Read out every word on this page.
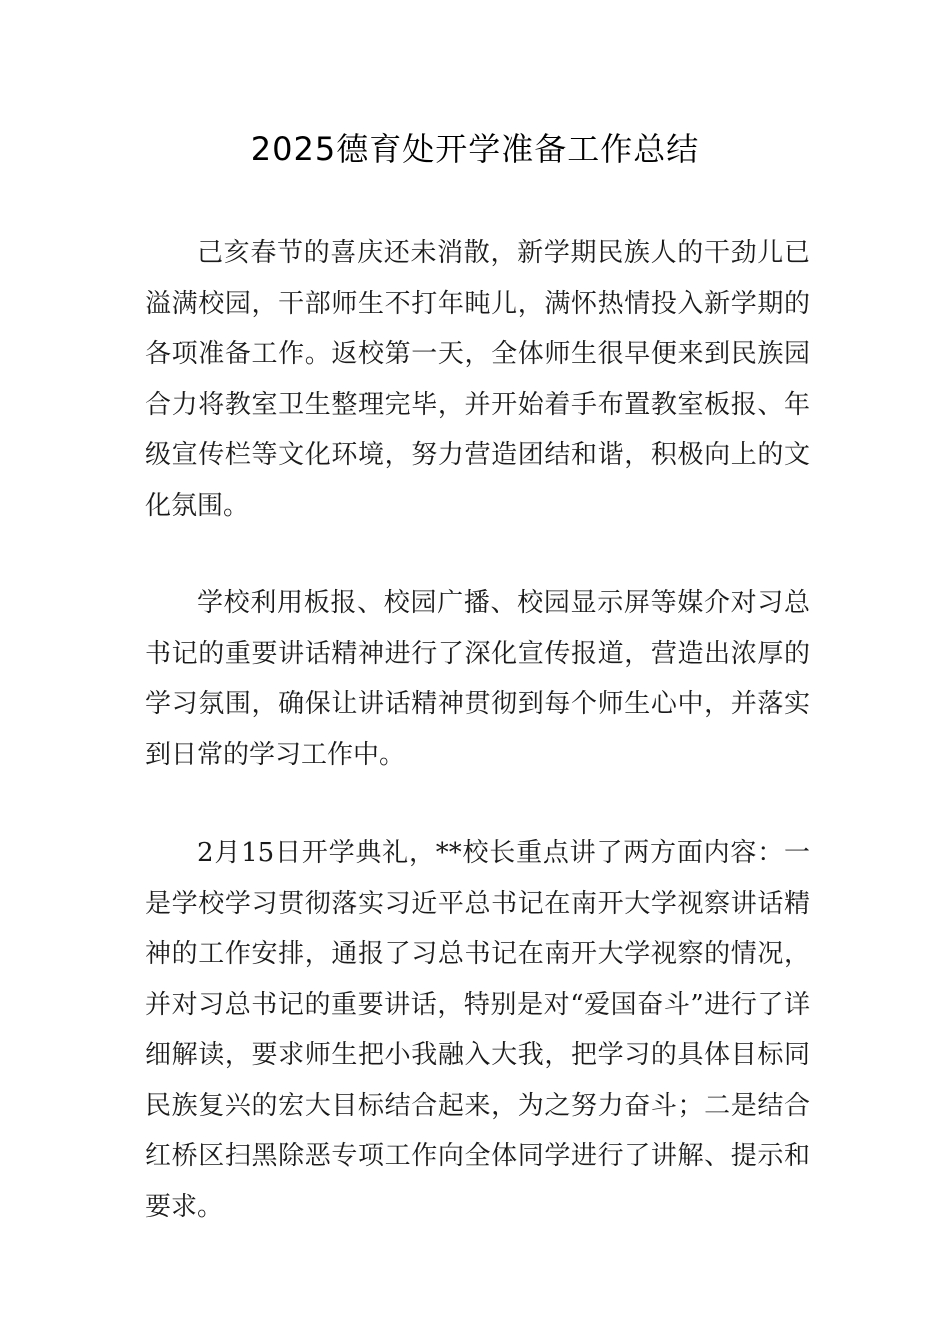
2025德育处开学准备工作总结

己亥春节的喜庆还未消散，新学期民族人的干劲儿已溢满校园，干部师生不打年盹儿，满怀热情投入新学期的各项准备工作。返校第一天，全体师生很早便来到民族园合力将教室卫生整理完毕，并开始着手布置教室板报、年级宣传栏等文化环境，努力营造团结和谐，积极向上的文化氛围。

学校利用板报、校园广播、校园显示屏等媒介对习总书记的重要讲话精神进行了深化宣传报道，营造出浓厚的学习氛围，确保让讲话精神贯彻到每个师生心中，并落实到日常的学习工作中。

2月15日开学典礼，**校长重点讲了两方面内容：一是学校学习贯彻落实习近平总书记在南开大学视察讲话精神的工作安排，通报了习总书记在南开大学视察的情况，并对习总书记的重要讲话，特别是对“爱国奋斗”进行了详细解读，要求师生把小我融入大我，把学习的具体目标同民族复兴的宏大目标结合起来，为之努力奋斗；二是结合红桥区扫黑除恶专项工作向全体同学进行了讲解、提示和要求。
